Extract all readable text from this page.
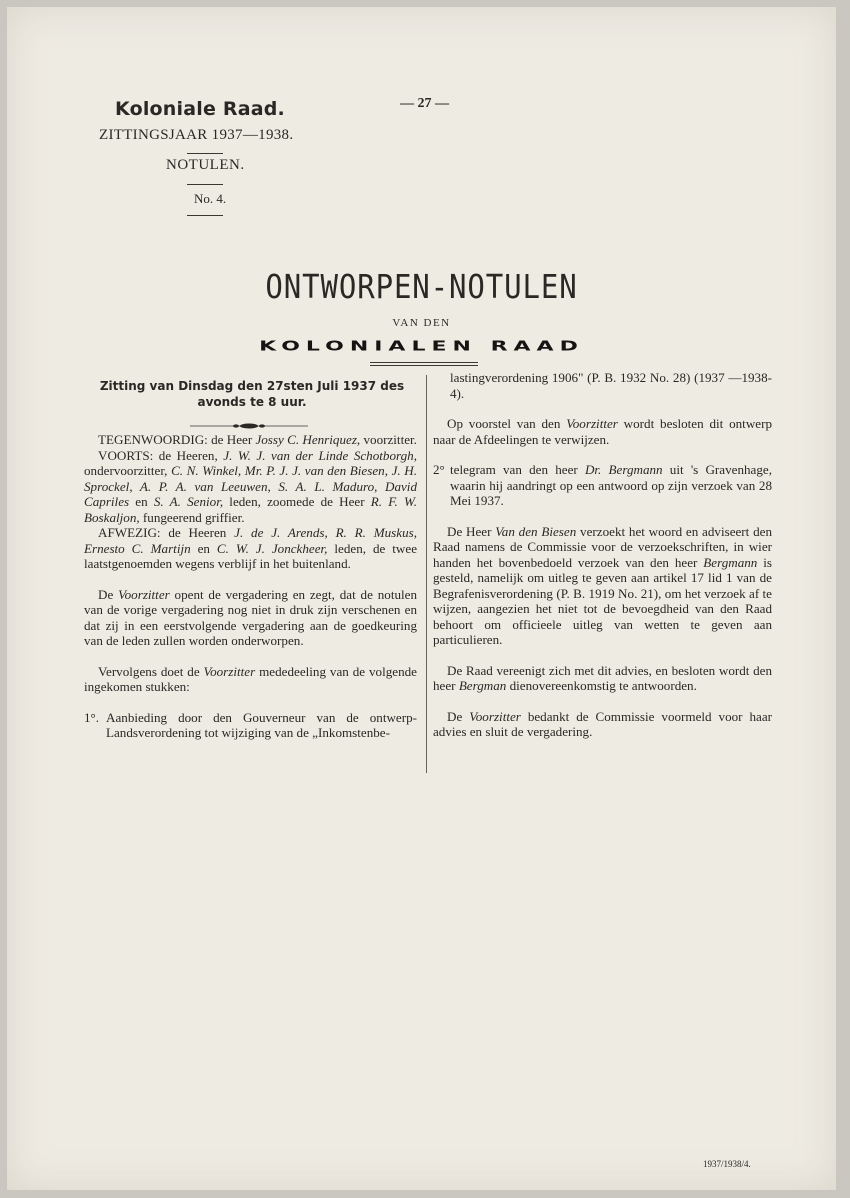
Koloniale Raad.
ZITTINGSJAAR 1937—1938.
— 27 —
NOTULEN.
No. 4.
ONTWORPEN-NOTULEN
VAN DEN
KOLONIALEN RAAD
Zitting van Dinsdag den 27sten Juli 1937 des avonds te 8 uur.

TEGENWOORDIG: de Heer Jossy C. Henriquez, voorzitter.

VOORTS: de Heeren, J. W. J. van der Linde Schotborgh, ondervoorzitter, C. N. Winkel, Mr. P. J. J. van den Biesen, J. H. Sprockel, A. P. A. van Leeuwen, S. A. L. Maduro, David Capriles en S. A. Senior, leden, zoomede de Heer R. F. W. Boskaljon, fungeerend griffier.

AFWEZIG: de Heeren J. de J. Arends, R. R. Muskus, Ernesto C. Martijn en C. W. J. Jonckheer, leden, de twee laatstgenoemden wegens verblijf in het buitenland.

De Voorzitter opent de vergadering en zegt, dat de notulen van de vorige vergadering nog niet in druk zijn verschenen en dat zij in een eerstvolgende vergadering aan de goedkeuring van de leden zullen worden onderworpen.

Vervolgens doet de Voorzitter mededeeling van de volgende ingekomen stukken:

1°. Aanbieding door den Gouverneur van de ontwerp-Landsverordening tot wijziging van de „Inkomstenbe-

lastingverordening 1906" (P. B. 1932 No. 28) (1937 —1938-4).

Op voorstel van den Voorzitter wordt besloten dit ontwerp naar de Afdeelingen te verwijzen.

2° telegram van den heer Dr. Bergmann uit 's Gravenhage, waarin hij aandringt op een antwoord op zijn verzoek van 28 Mei 1937.

De Heer Van den Biesen verzoekt het woord en adviseert den Raad namens de Commissie voor de verzoekschriften, in wier handen het bovenbedoeld verzoek van den heer Bergmann is gesteld, namelijk om uitleg te geven aan artikel 17 lid 1 van de Begrafenisverordening (P. B. 1919 No. 21), om het verzoek af te wijzen, aangezien het niet tot de bevoegdheid van den Raad behoort om officieele uitleg van wetten te geven aan particulieren.

De Raad vereenigt zich met dit advies, en besloten wordt den heer Bergman dienovereenkomstig te antwoorden.

De Voorzitter bedankt de Commissie voormeld voor haar advies en sluit de vergadering.

1937/1938/4.
